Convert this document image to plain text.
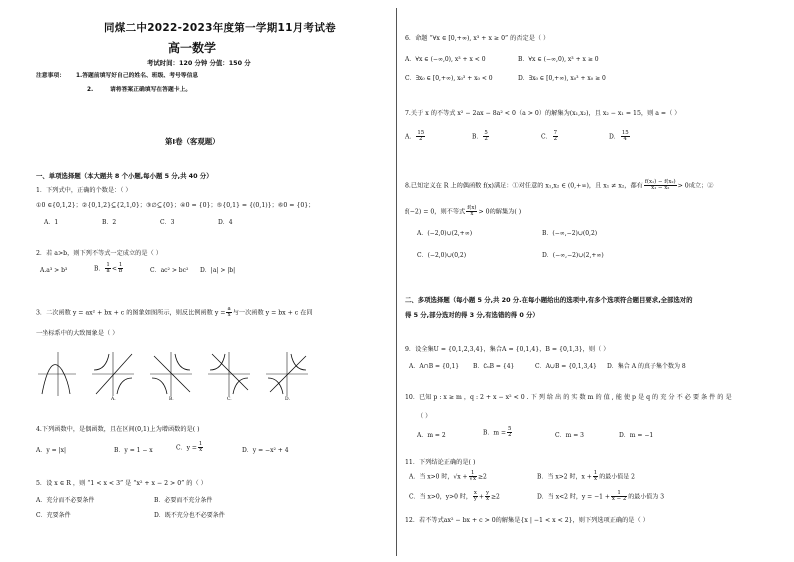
同煤二中2022-2023年度第一学期11月考试卷
高一数学
考试时间：120 分钟 分值：150 分
注意事项： 1.答题前填写好自己的姓名、班级、考号等信息
2.	请将答案正确填写在答题卡上。
第Ⅰ卷（客观题）
一、单项选择题（本大题共 8 个小题,每小题 5 分,共 40 分）
1．下列式中，正确的个数是：（ ）
①0 ∈{0,1,2}；②{0,1,2}⊆{2,1,0}；③∅⊆{0}；④0 = {0}；⑤{0,1} = {(0,1)}；⑥0 = {0}；
A．1	B．2	C．3	D．4
2．若 a>b，则下列不等式一定成立的是（ ）
A.a³ > b³	B． $\frac{1}{a} < \frac{1}{b}$	C．ac² > bc² D．|a| > |b|
3．二次函数 y = ax² + bx + c 的图象如图所示，则反比例函数 $y = \frac{a}{x}$ 与一次函数 y = bx + c 在同
一坐标系中的大致图象是（ ）
A.	B.	C.	D.
4.下列函数中，是偶函数，且在区间(0,1)上为增函数的是( )
A．y = |x|	B．y = 1 − x	C．$y = \frac{1}{x}$	D．y = −x² + 4
5．设 x ∈ R ，则 “1 < x < 3” 是 “x² + x − 2 > 0” 的（ ）
A．充分而不必要条件	B．必要而不充分条件
C．充要条件	D．既不充分也不必要条件
6．命题 “∀x ∈ [0,+∞), x³ + x ≥ 0” 的否定是（ ）
A．∀x ∈ (−∞,0), x³ + x < 0	B．∀x ∈ (−∞,0), x³ + x ≥ 0
C．∃x₀ ∈ [0,+∞), x₀³ + x₀ < 0	D．∃x₀ ∈ [0,+∞), x₀³ + x₀ ≥ 0
7.关于 x 的不等式 x² − 2ax − 8a² < 0（a > 0）的解集为(x₁,x₂)，且 x₂ − x₁ = 15，则 a =（ ）
A． $\frac{15}{2}$	B． $\frac{5}{2}$	C． $\frac{7}{2}$	D． $\frac{15}{4}$
8.已知定义在 R 上的偶函数 f(x)满足：①对任意的 x₁,x₂ ∈ (0,+∞)，且 x₁ ≠ x₂，都有 $\frac{\text{f(x₁) − f(x₂)}}{\text{x₁ − x₂}} > 0$成立；②
f(−2) = 0，则不等式 $\frac{f(x)}{x} > 0$的解集为( )
A．(−2,0)∪(2,+∞)	B．(−∞,−2)∪(0,2)
C．(−2,0)∪(0,2)	D．(−∞,−2)∪(2,+∞)
二、多项选择题（每小题 5 分,共 20 分.在每小题给出的选项中,有多个选项符合题目要求,全部选对的
得 5 分,部分选对的得 3 分,有选错的得 0 分）
9．设全集U = {0,1,2,3,4}，集合A = {0,1,4}，B = {0,1,3}，则（ ）
A．A∩B = {0,1} B．∁ᵤB = {4}	C．A∪B = {0,1,3,4} D．集合 A 的真子集个数为 8
10．已知 p : x ≥ m ，q : 2 + x − x² < 0 . 下 列 给 出 的 实 数 m 的 值 , 能 使 p 是 q 的 充 分 不 必 要 条 件 的 是
（ ）
A．m = 2	B．$m = \frac{5}{2}$	C．m = 3	D．m = −1
11．下列结论正确的是( )
A．当 x>0 时，$√x + \frac{1}{√x} \ge 2$	B．当 x>2 时，$x + \frac{1}{x}$ 的最小值是 2
C．当 x>0，y>0 时， $\frac{x}{y} + \frac{y}{x} \ge 2$	D．当 x<2 时，$y = -1 + \frac{1}{x - 2}$ 的最小值为 3
12．若不等式ax² − bx + c > 0的解集是{x | −1 < x < 2}，则下列选项正确的是（ ）
